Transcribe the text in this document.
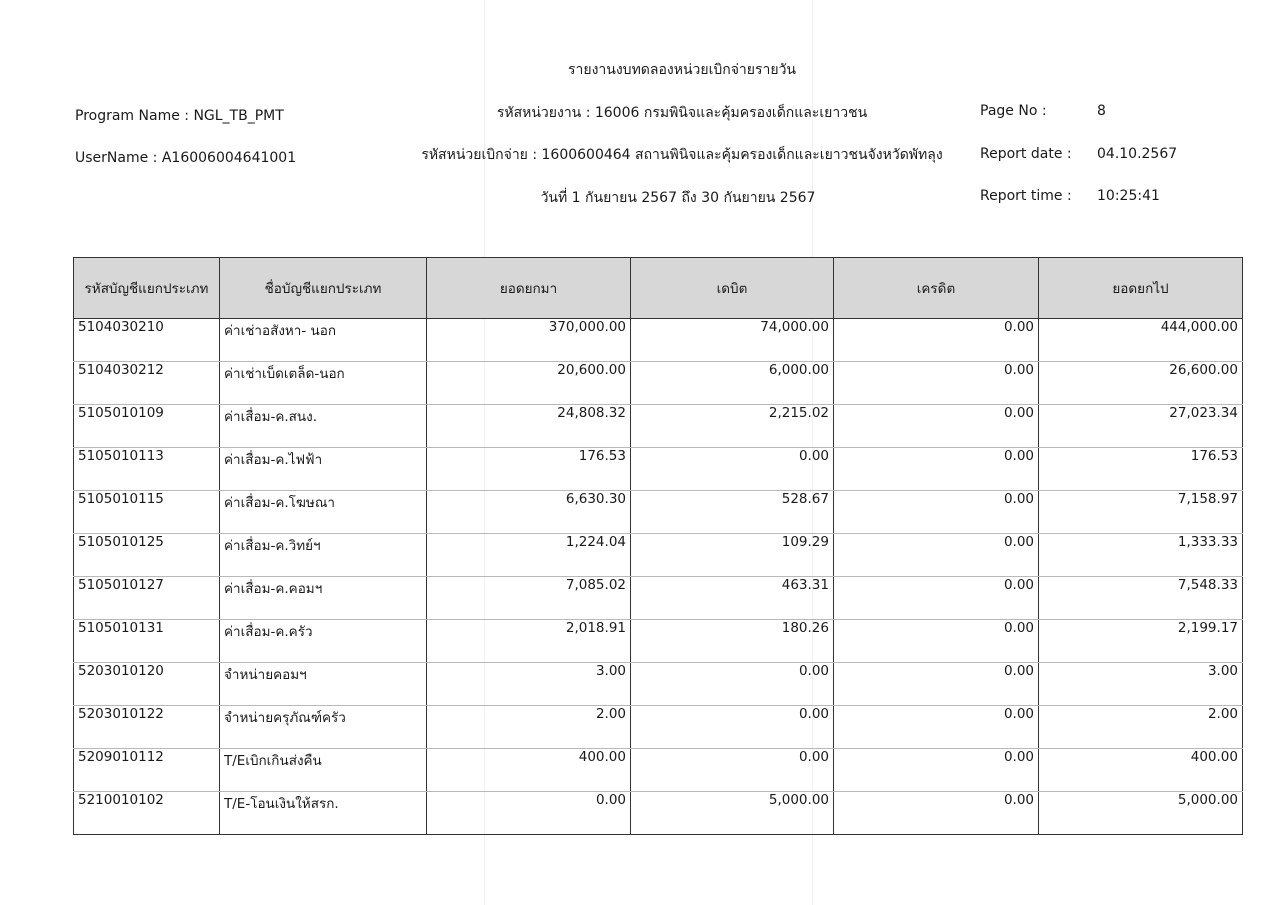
รายงานงบทดลองหน่วยเบิกจ่ายรายวัน
รหัสหน่วยงาน : 16006 กรมพินิจและคุ้มครองเด็กและเยาวชน
รหัสหน่วยเบิกจ่าย : 1600600464 สถานพินิจและคุ้มครองเด็กและเยาวชนจังหวัดพัทลุง
วันที่ 1 กันยายน 2567 ถึง 30 กันยายน 2567
Program Name : NGL_TB_PMT
UserName : A16006004641001
Page No :	8
Report date : 04.10.2567
Report time : 10:25:41
รหัสบัญชีแยกประเภท	ชื่อบัญชีแยกประเภท	ยอดยกมา	เดบิต	เครดิต	ยอดยกไป
5104030210	ค่าเช่าอสังหา- นอก	370,000.00	74,000.00	0.00	444,000.00
5104030212	ค่าเช่าเบ็ดเตล็ด-นอก	20,600.00	6,000.00	0.00	26,600.00
5105010109	ค่าเสื่อม-ค.สนง.	24,808.32	2,215.02	0.00	27,023.34
5105010113	ค่าเสื่อม-ค.ไฟฟ้า	176.53	0.00	0.00	176.53
5105010115	ค่าเสื่อม-ค.โฆษณา	6,630.30	528.67	0.00	7,158.97
5105010125	ค่าเสื่อม-ค.วิทย์ฯ	1,224.04	109.29	0.00	1,333.33
5105010127	ค่าเสื่อม-ค.คอมฯ	7,085.02	463.31	0.00	7,548.33
5105010131	ค่าเสื่อม-ค.ครัว	2,018.91	180.26	0.00	2,199.17
5203010120	จำหน่ายคอมฯ	3.00	0.00	0.00	3.00
5203010122	จำหน่ายครุภัณฑ์ครัว	2.00	0.00	0.00	2.00
5209010112	T/Eเบิกเกินส่งคืน	400.00	0.00	0.00	400.00
5210010102	T/E-โอนเงินให้สรก.	0.00	5,000.00	0.00	5,000.00
